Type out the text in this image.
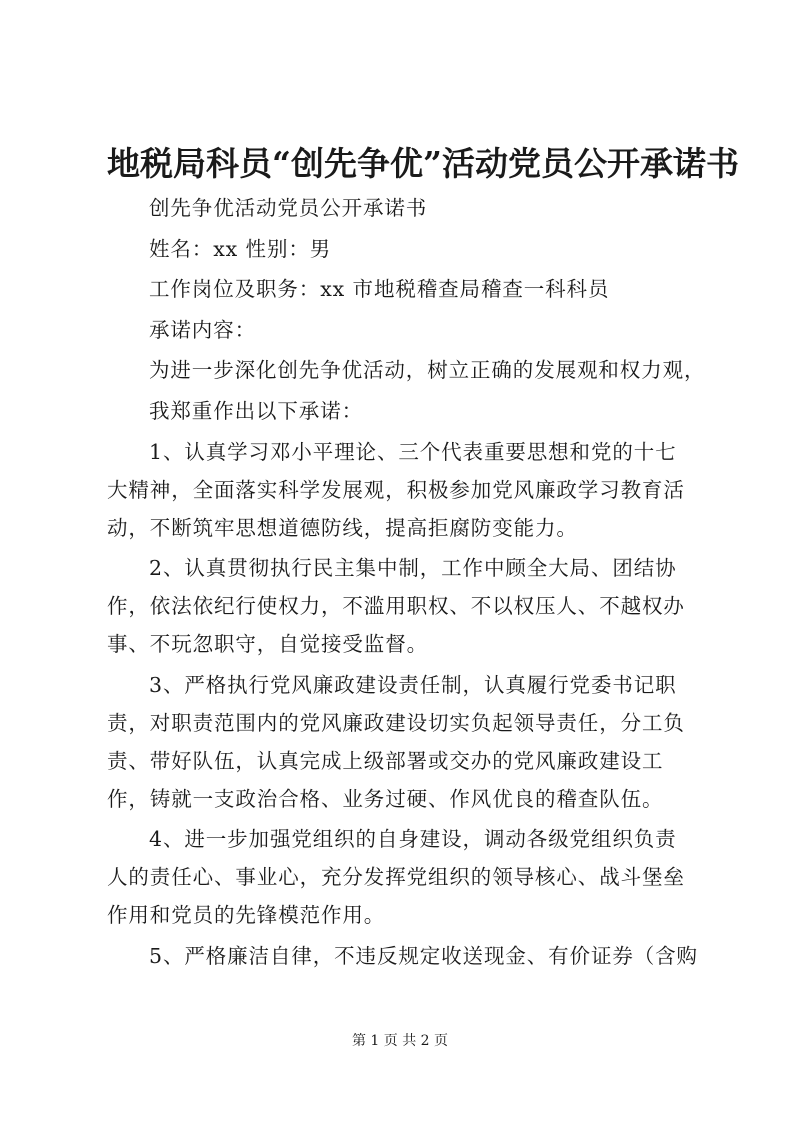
地税局科员“创先争优”活动党员公开承诺书

创先争优活动党员公开承诺书

姓名：xx 性别：男

工作岗位及职务：xx 市地税稽查局稽查一科科员

承诺内容：

为进一步深化创先争优活动，树立正确的发展观和权力观，

我郑重作出以下承诺：

1、认真学习邓小平理论、三个代表重要思想和党的十七大精神，全面落实科学发展观，积极参加党风廉政学习教育活动，不断筑牢思想道德防线，提高拒腐防变能力。

2、认真贯彻执行民主集中制，工作中顾全大局、团结协作，依法依纪行使权力，不滥用职权、不以权压人、不越权办事、不玩忽职守，自觉接受监督。

3、严格执行党风廉政建设责任制，认真履行党委书记职责，对职责范围内的党风廉政建设切实负起领导责任，分工负责、带好队伍，认真完成上级部署或交办的党风廉政建设工作，铸就一支政治合格、业务过硬、作风优良的稽查队伍。

4、进一步加强党组织的自身建设，调动各级党组织负责人的责任心、事业心，充分发挥党组织的领导核心、战斗堡垒作用和党员的先锋模范作用。

5、严格廉洁自律，不违反规定收送现金、有价证券（含购

第 1 页 共 2 页
